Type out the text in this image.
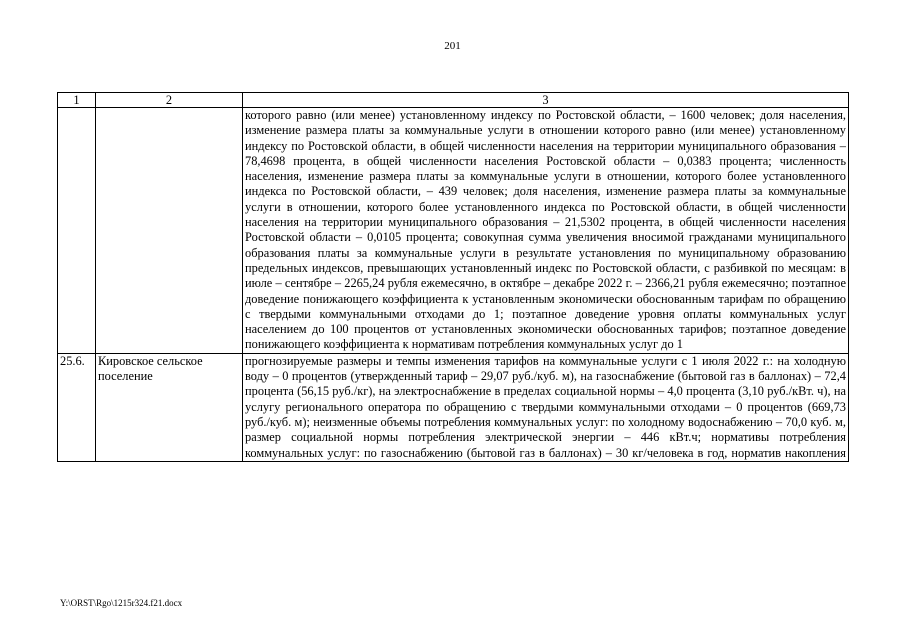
201
1	2	3
		которого равно (или менее) установленному индексу по Ростовской области, – 1600 человек; доля населения, изменение размера платы за коммунальные услуги в отношении которого равно (или менее) установленному индексу по Ростовской области, в общей численности населения на территории муниципального образования – 78,4698 процента, в общей численности населения Ростовской области – 0,0383 процента; численность населения, изменение размера платы за коммунальные услуги в отношении, которого более установленного индекса по Ростовской области, – 439 человек; доля населения, изменение размера платы за коммунальные услуги в отношении, которого более установленного индекса по Ростовской области, в общей численности населения на территории муниципального образования – 21,5302 процента, в общей численности населения Ростовской области – 0,0105 процента; совокупная сумма увеличения вносимой гражданами муниципального образования платы за коммунальные услуги в результате установления по муниципальному образованию предельных индексов, превышающих установленный индекс по Ростовской области, с разбивкой по месяцам: в июле – сентябре – 2265,24 рубля ежемесячно, в октябре – декабре 2022 г. – 2366,21 рубля ежемесячно; поэтапное доведение понижающего коэффициента к установленным экономически обоснованным тарифам по обращению с твердыми коммунальными отходами до 1; поэтапное доведение уровня оплаты коммунальных услуг населением до 100 процентов от установленных экономически обоснованных тарифов; поэтапное доведение понижающего коэффициента к нормативам потребления коммунальных услуг до 1
25.6.	Кировское сельское поселение	прогнозируемые размеры и темпы изменения тарифов на коммунальные услуги с 1 июля 2022 г.: на холодную воду – 0 процентов (утвержденный тариф – 29,07 руб./куб. м), на газоснабжение (бытовой газ в баллонах) – 72,4 процента (56,15 руб./кг), на электроснабжение в пределах социальной нормы – 4,0 процента (3,10 руб./кВт. ч), на услугу регионального оператора по обращению с твердыми коммунальными отходами – 0 процентов (669,73 руб./куб. м); неизменные объемы потребления коммунальных услуг: по холодному водоснабжению – 70,0 куб. м, размер социальной нормы потребления электрической энергии – 446 кВт.ч; нормативы потребления коммунальных услуг: по газоснабжению (бытовой газ в баллонах) – 30 кг/человека в год, норматив накопления
Y:\ORST\Rgo\1215r324.f21.docx
